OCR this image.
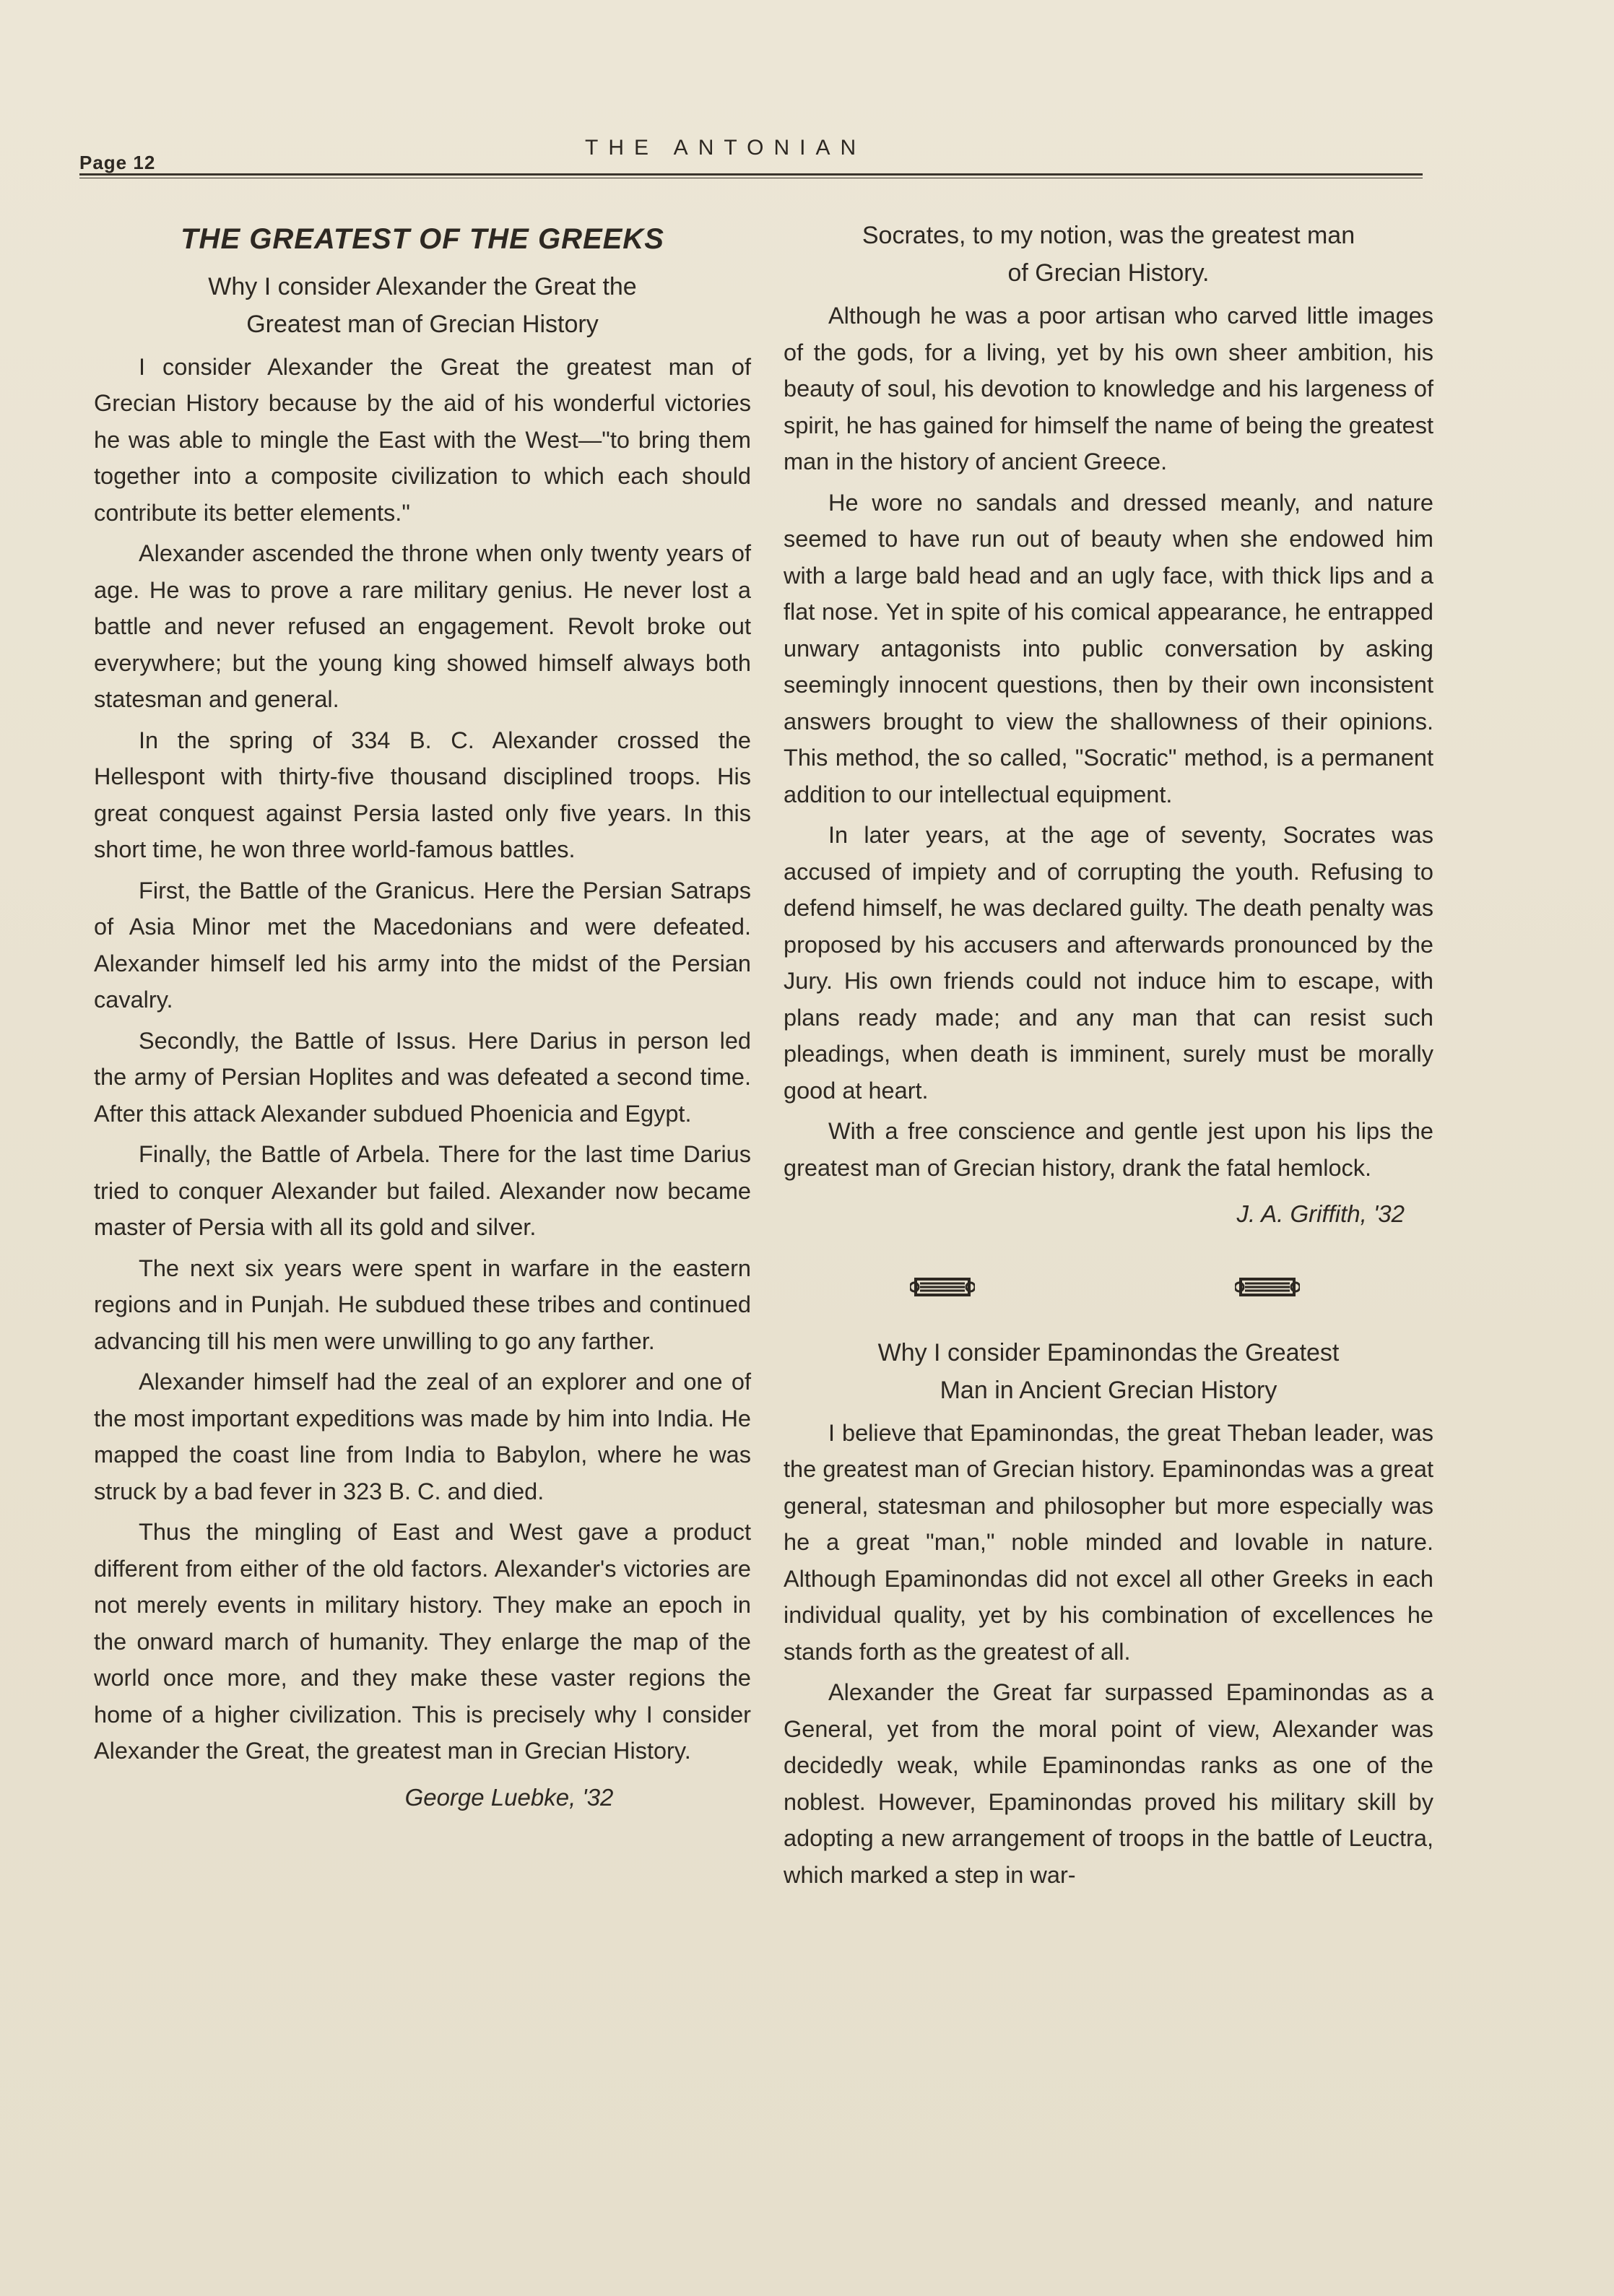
Page 12
THE ANTONIAN
THE GREATEST OF THE GREEKS
Why I consider Alexander the Great the
Greatest man of Grecian History

I consider Alexander the Great the greatest man of Grecian History because by the aid of his wonderful victories he was able to mingle the East with the West—"to bring them together into a composite civilization to which each should contribute its better elements."

Alexander ascended the throne when only twenty years of age. He was to prove a rare military genius. He never lost a battle and never refused an engagement. Revolt broke out everywhere; but the young king showed himself always both statesman and general.

In the spring of 334 B. C. Alexander crossed the Hellespont with thirty-five thousand disciplined troops. His great conquest against Persia lasted only five years. In this short time, he won three world-famous battles.

First, the Battle of the Granicus. Here the Persian Satraps of Asia Minor met the Macedonians and were defeated. Alexander himself led his army into the midst of the Persian cavalry.

Secondly, the Battle of Issus. Here Darius in person led the army of Persian Hoplites and was defeated a second time. After this attack Alexander subdued Phoenicia and Egypt.

Finally, the Battle of Arbela. There for the last time Darius tried to conquer Alexander but failed. Alexander now became master of Persia with all its gold and silver.

The next six years were spent in warfare in the eastern regions and in Punjah. He subdued these tribes and continued advancing till his men were unwilling to go any farther.

Alexander himself had the zeal of an explorer and one of the most important expeditions was made by him into India. He mapped the coast line from India to Babylon, where he was struck by a bad fever in 323 B. C. and died.

Thus the mingling of East and West gave a product different from either of the old factors. Alexander's victories are not merely events in military history. They make an epoch in the onward march of humanity. They enlarge the map of the world once more, and they make these vaster regions the home of a higher civilization. This is precisely why I consider Alexander the Great, the greatest man in Grecian History.

George Luebke, '32
Socrates, to my notion, was the greatest man
of Grecian History.

Although he was a poor artisan who carved little images of the gods, for a living, yet by his own sheer ambition, his beauty of soul, his devotion to knowledge and his largeness of spirit, he has gained for himself the name of being the greatest man in the history of ancient Greece.

He wore no sandals and dressed meanly, and nature seemed to have run out of beauty when she endowed him with a large bald head and an ugly face, with thick lips and a flat nose. Yet in spite of his comical appearance, he entrapped unwary antagonists into public conversation by asking seemingly innocent questions, then by their own inconsistent answers brought to view the shallowness of their opinions. This method, the so called, "Socratic" method, is a permanent addition to our intellectual equipment.

In later years, at the age of seventy, Socrates was accused of impiety and of corrupting the youth. Refusing to defend himself, he was declared guilty. The death penalty was proposed by his accusers and afterwards pronounced by the Jury. His own friends could not induce him to escape, with plans ready made; and any man that can resist such pleadings, when death is imminent, surely must be morally good at heart.

With a free conscience and gentle jest upon his lips the greatest man of Grecian history, drank the fatal hemlock.

J. A. Griffith, '32
Why I consider Epaminondas the Greatest
Man in Ancient Grecian History

I believe that Epaminondas, the great Theban leader, was the greatest man of Grecian history. Epaminondas was a great general, statesman and philosopher but more especially was he a great "man," noble minded and lovable in nature. Although Epaminondas did not excel all other Greeks in each individual quality, yet by his combination of excellences he stands forth as the greatest of all.

Alexander the Great far surpassed Epaminondas as a General, yet from the moral point of view, Alexander was decidedly weak, while Epaminondas ranks as one of the noblest. However, Epaminondas proved his military skill by adopting a new arrangement of troops in the battle of Leuctra, which marked a step in war-
